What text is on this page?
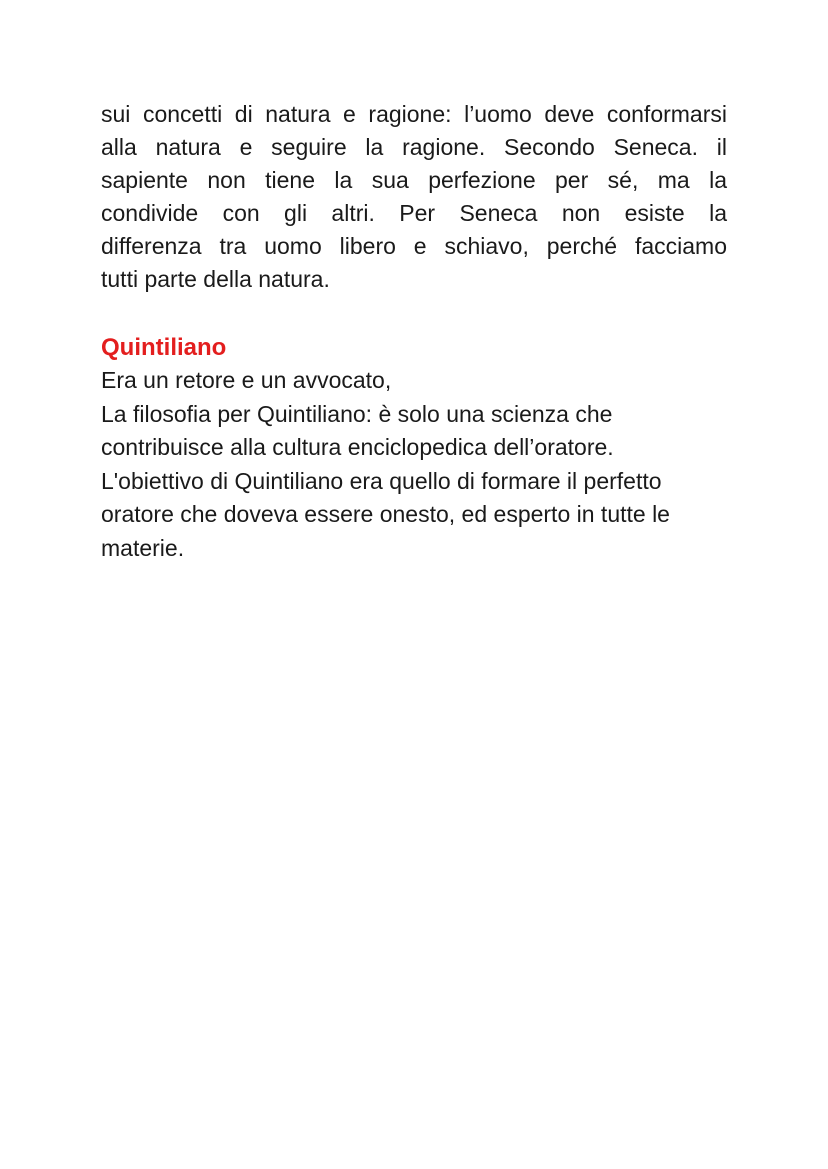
sui concetti di natura e ragione: l’uomo deve conformarsi
alla natura e seguire la ragione. Secondo Seneca. il
sapiente non tiene la sua perfezione per sé, ma la
condivide con gli altri. Per Seneca non esiste la
differenza tra uomo libero e schiavo, perché facciamo
tutti parte della natura.
Quintiliano
Era un retore e un avvocato,
La filosofia per Quintiliano: è solo una scienza che
contribuisce alla cultura enciclopedica dell’oratore.
L'obiettivo di Quintiliano era quello di formare il perfetto
oratore che doveva essere onesto, ed esperto in tutte le
materie.
